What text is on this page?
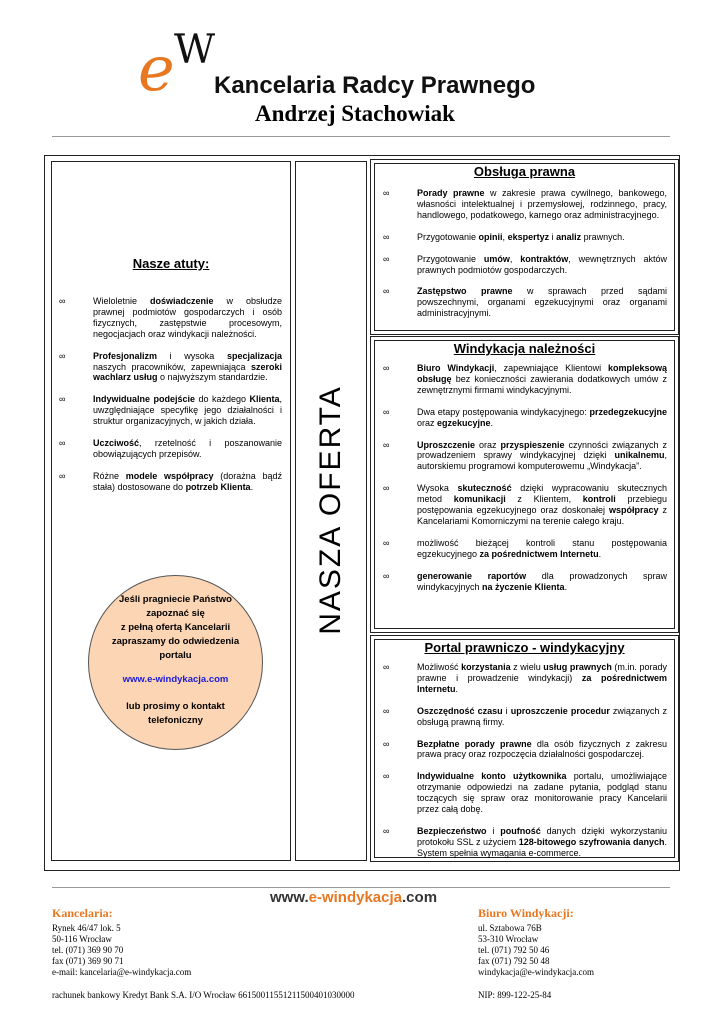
e W
Kancelaria Radcy Prawnego
Andrzej Stachowiak
NASZA OFERTA
Nasze atuty:
∞	Wieloletnie doświadczenie w obsłudze prawnej podmiotów gospodarczych i osób fizycznych, zastępstwie procesowym, negocjacjach oraz windykacji należności.
∞	Profesjonalizm i wysoka specjalizacja naszych pracowników, zapewniająca szeroki wachlarz usług o najwyższym standardzie.
∞	Indywidualne podejście do każdego Klienta, uwzględniające specyfikę jego działalności i struktur organizacyjnych, w jakich działa.
∞	Uczciwość, rzetelność i poszanowanie obowiązujących przepisów.
∞	Różne modele współpracy (dorażna bądź stała) dostosowane do potrzeb Klienta.
Jeśli pragniecie Państwo
zapoznać się
z pełną ofertą Kancelarii
zapraszamy do odwiedzenia
portalu
www.e-windykacja.com
lub prosimy o kontakt
telefoniczny
Obsługa prawna
∞	Porady prawne w zakresie prawa cywilnego, bankowego, własności intelektualnej i przemysłowej, rodzinnego, pracy, handlowego, podatkowego, karnego oraz administracyjnego.
∞	Przygotowanie opinii, ekspertyz i analiz prawnych.
∞	Przygotowanie umów, kontraktów, wewnętrznych aktów prawnych podmiotów gospodarczych.
∞	Zastępstwo prawne w sprawach przed sądami powszechnymi, organami egzekucyjnymi oraz organami administracyjnymi.
Windykacja należności
∞	Biuro Windykacji, zapewniające Klientowi kompleksową obsługę bez konieczności zawierania dodatkowych umów z zewnętrznymi firmami windykacyjnymi.
∞	Dwa etapy postępowania windykacyjnego: przedegzekucyjne oraz egzekucyjne.
∞	Uproszczenie oraz przyspieszenie czynności związanych z prowadzeniem sprawy windykacyjnej dzięki unikalnemu, autorskiemu programowi komputerowemu „Windykacja”.
∞	Wysoka skuteczność dzięki wypracowaniu skutecznych metod komunikacji z Klientem, kontroli przebiegu postępowania egzekucyjnego oraz doskonałej współpracy z Kancelariami Komorniczymi na terenie całego kraju.
∞	możliwość bieżącej kontroli stanu postępowania egzekucyjnego za pośrednictwem Internetu.
∞	generowanie raportów dla prowadzonych spraw windykacyjnych na życzenie Klienta.
Portal prawniczo - windykacyjny
∞	Możliwość korzystania z wielu usług prawnych (m.in. porady prawne i prowadzenie windykacji) za pośrednictwem Internetu.
∞	Oszczędność czasu i uproszczenie procedur związanych z obsługą prawną firmy.
∞	Bezpłatne porady prawne dla osób fizycznych z zakresu prawa pracy oraz rozpoczęcia działalności gospodarczej.
∞	Indywidualne konto użytkownika portalu, umożliwiające otrzymanie odpowiedzi na zadane pytania, podgląd stanu toczących się spraw oraz monitorowanie pracy Kancelarii przez całą dobę.
∞	Bezpieczeństwo i poufność danych dzięki wykorzystaniu protokołu SSL z użyciem 128-bitowego szyfrowania danych. System spełnia wymagania e-commerce.
www.e-windykacja.com
Kancelaria:
Rynek 46/47 lok. 5
50-116 Wrocław
tel. (071) 369 90 70
fax (071) 369 90 71
e-mail: kancelaria@e-windykacja.com
Biuro Windykacji:
ul. Sztabowa 76B
53-310 Wrocław
tel. (071) 792 50 46
fax (071) 792 50 48
windykacja@e-windykacja.com
rachunek bankowy Kredyt Bank S.A. I/O Wrocław 66150011551211500401030000	NIP: 899-122-25-84
